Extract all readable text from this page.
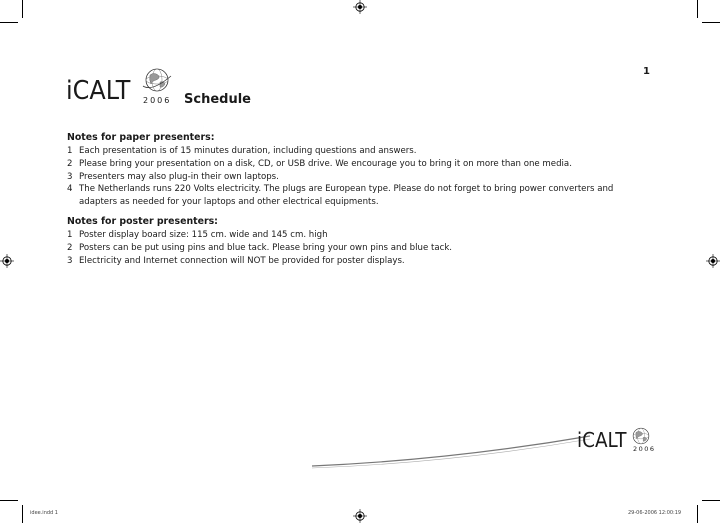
1
iCALT 2006 Schedule
Notes for paper presenters:
1 Each presentation is of 15 minutes duration, including questions and answers.
2 Please bring your presentation on a disk, CD, or USB drive. We encourage you to bring it on more than one media.
3 Presenters may also plug-in their own laptops.
4 The Netherlands runs 220 Volts electricity. The plugs are European type. Please do not forget to bring power converters and adapters as needed for your laptops and other electrical equipments.
Notes for poster presenters:
1 Poster display board size: 115 cm. wide and 145 cm. high
2 Posters can be put using pins and blue tack. Please bring your own pins and blue tack.
3 Electricity and Internet connection will NOT be provided for poster displays.
iCALT 2006
idee.indd 1	29-06-2006 12:00:19
